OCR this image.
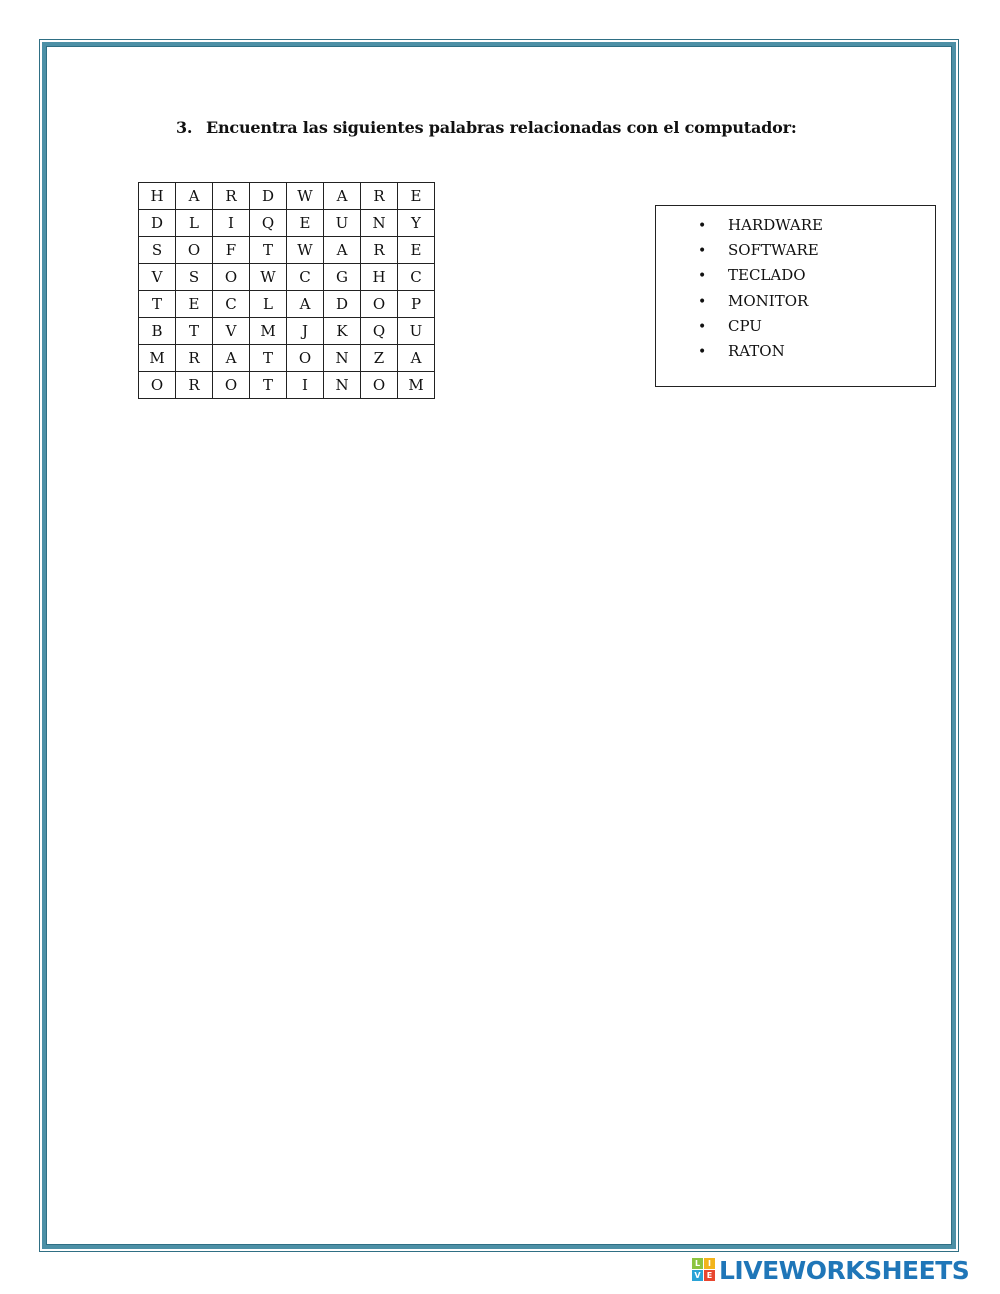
3. Encuentra las siguientes palabras relacionadas con el computador:
H	A	R	D	W	A	R	E
D	L	I	Q	E	U	N	Y
S	O	F	T	W	A	R	E
V	S	O	W	C	G	H	C
T	E	C	L	A	D	O	P
B	T	V	M	J	K	Q	U
M	R	A	T	O	N	Z	A
O	R	O	T	I	N	O	M
• HARDWARE
• SOFTWARE
• TECLADO
• MONITOR
• CPU
• RATON
L I
V E LIVEWORKSHEETS
